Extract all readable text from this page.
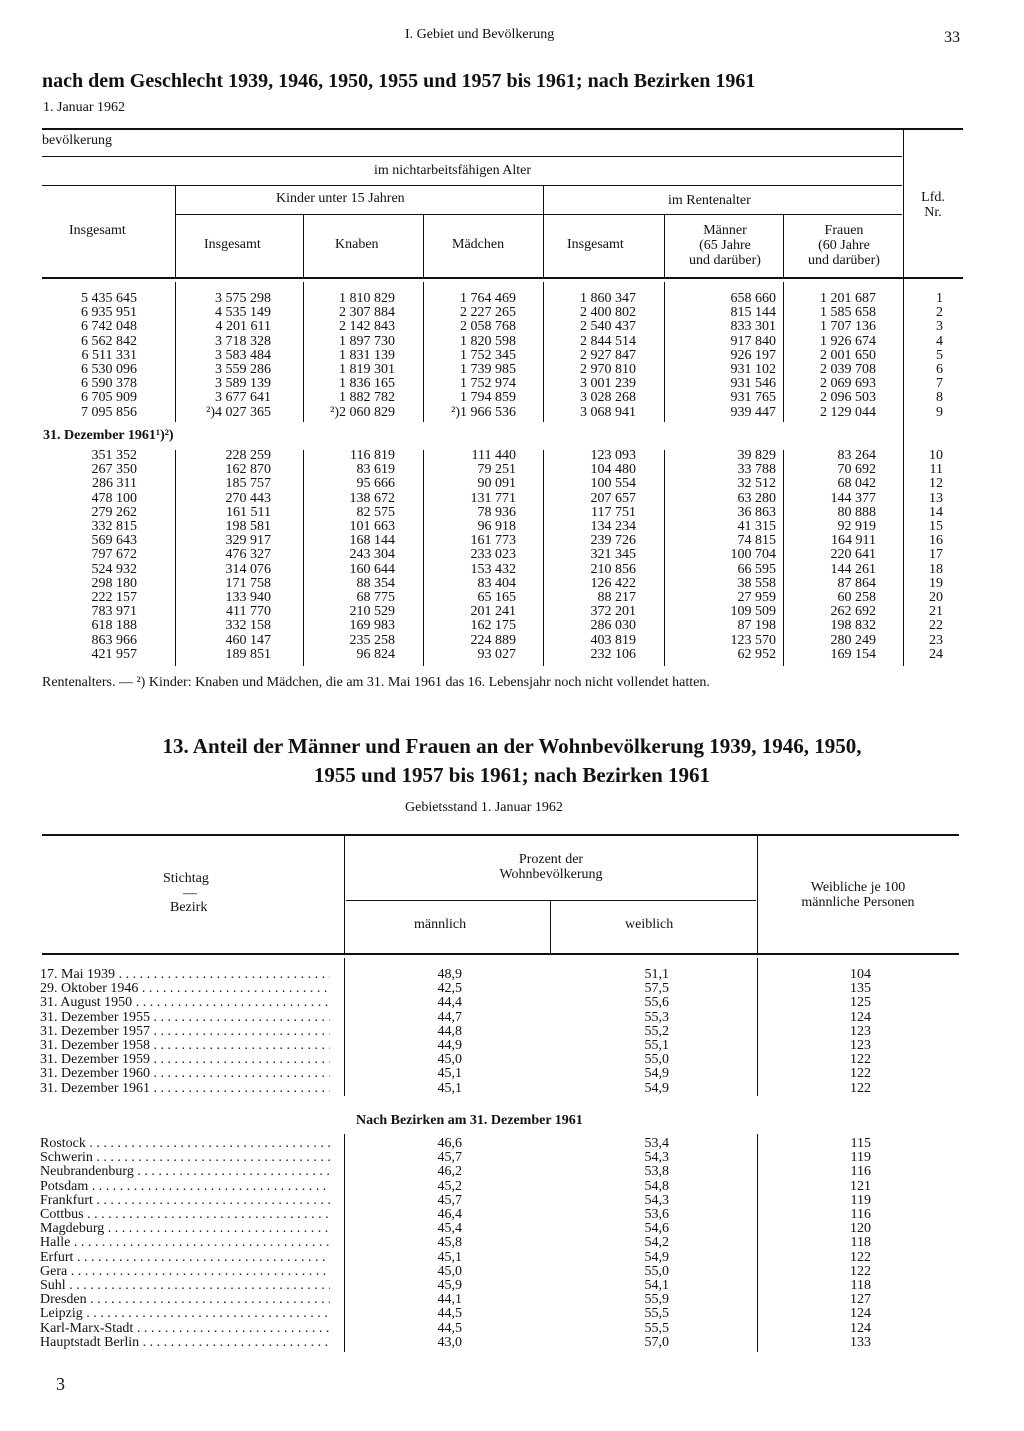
I. Gebiet und Bevölkerung	33
nach dem Geschlecht 1939, 1946, 1950, 1955 und 1957 bis 1961; nach Bezirken 1961
1. Januar 1962
bevölkerung
im nichtarbeitsfähigen Alter
Kinder unter 15 Jahren	im Rentenalter
Insgesamt
Insgesamt	Knaben	Mädchen	Insgesamt
Männer
(65 Jahre
und darüber)
Frauen
(60 Jahre
und darüber)
Lfd.
Nr.
5 435 645	3 575 298	1 810 829	1 764 469	1 860 347	658 660	1 201 687	1
6 935 951	4 535 149	2 307 884	2 227 265	2 400 802	815 144	1 585 658	2
6 742 048	4 201 611	2 142 843	2 058 768	2 540 437	833 301	1 707 136	3
6 562 842	3 718 328	1 897 730	1 820 598	2 844 514	917 840	1 926 674	4
6 511 331	3 583 484	1 831 139	1 752 345	2 927 847	926 197	2 001 650	5
6 530 096	3 559 286	1 819 301	1 739 985	2 970 810	931 102	2 039 708	6
6 590 378	3 589 139	1 836 165	1 752 974	3 001 239	931 546	2 069 693	7
6 705 909	3 677 641	1 882 782	1 794 859	3 028 268	931 765	2 096 503	8
7 095 856	²)4 027 365	²)2 060 829	²)1 966 536	3 068 941	939 447	2 129 044	9
31. Dezember 1961¹)²)
351 352	228 259	116 819	111 440	123 093	39 829	83 264	10
267 350	162 870	83 619	79 251	104 480	33 788	70 692	11
286 311	185 757	95 666	90 091	100 554	32 512	68 042	12
478 100	270 443	138 672	131 771	207 657	63 280	144 377	13
279 262	161 511	82 575	78 936	117 751	36 863	80 888	14
332 815	198 581	101 663	96 918	134 234	41 315	92 919	15
569 643	329 917	168 144	161 773	239 726	74 815	164 911	16
797 672	476 327	243 304	233 023	321 345	100 704	220 641	17
524 932	314 076	160 644	153 432	210 856	66 595	144 261	18
298 180	171 758	88 354	83 404	126 422	38 558	87 864	19
222 157	133 940	68 775	65 165	88 217	27 959	60 258	20
783 971	411 770	210 529	201 241	372 201	109 509	262 692	21
618 188	332 158	169 983	162 175	286 030	87 198	198 832	22
863 966	460 147	235 258	224 889	403 819	123 570	280 249	23
421 957	189 851	96 824	93 027	232 106	62 952	169 154	24
Rentenalters. — ²) Kinder: Knaben und Mädchen, die am 31. Mai 1961 das 16. Lebensjahr noch nicht vollendet hatten.
13. Anteil der Männer und Frauen an der Wohnbevölkerung 1939, 1946, 1950,
1955 und 1957 bis 1961; nach Bezirken 1961
Gebietsstand 1. Januar 1962
Stichtag
—
Bezirk
Prozent der
Wohnbevölkerung
männlich	weiblich
Weibliche je 100
männliche Personen
17. Mai 1939 . . .	48,9	51,1	104
29. Oktober 1946 . . .	42,5	57,5	135
31. August 1950 . . .	44,4	55,6	125
31. Dezember 1955 . . .	44,7	55,3	124
31. Dezember 1957 . . .	44,8	55,2	123
31. Dezember 1958 . . .	44,9	55,1	123
31. Dezember 1959 . . .	45,0	55,0	122
31. Dezember 1960 . . .	45,1	54,9	122
31. Dezember 1961 . . .	45,1	54,9	122
Nach Bezirken am 31. Dezember 1961
Rostock . . .	46,6	53,4	115
Schwerin . . .	45,7	54,3	119
Neubrandenburg . . .	46,2	53,8	116
Potsdam . . .	45,2	54,8	121
Frankfurt . . .	45,7	54,3	119
Cottbus . . .	46,4	53,6	116
Magdeburg . . .	45,4	54,6	120
Halle . . .	45,8	54,2	118
Erfurt . . .	45,1	54,9	122
Gera . . .	45,0	55,0	122
Suhl . . .	45,9	54,1	118
Dresden . . .	44,1	55,9	127
Leipzig . . .	44,5	55,5	124
Karl-Marx-Stadt . . .	44,5	55,5	124
Hauptstadt Berlin . . .	43,0	57,0	133
3
